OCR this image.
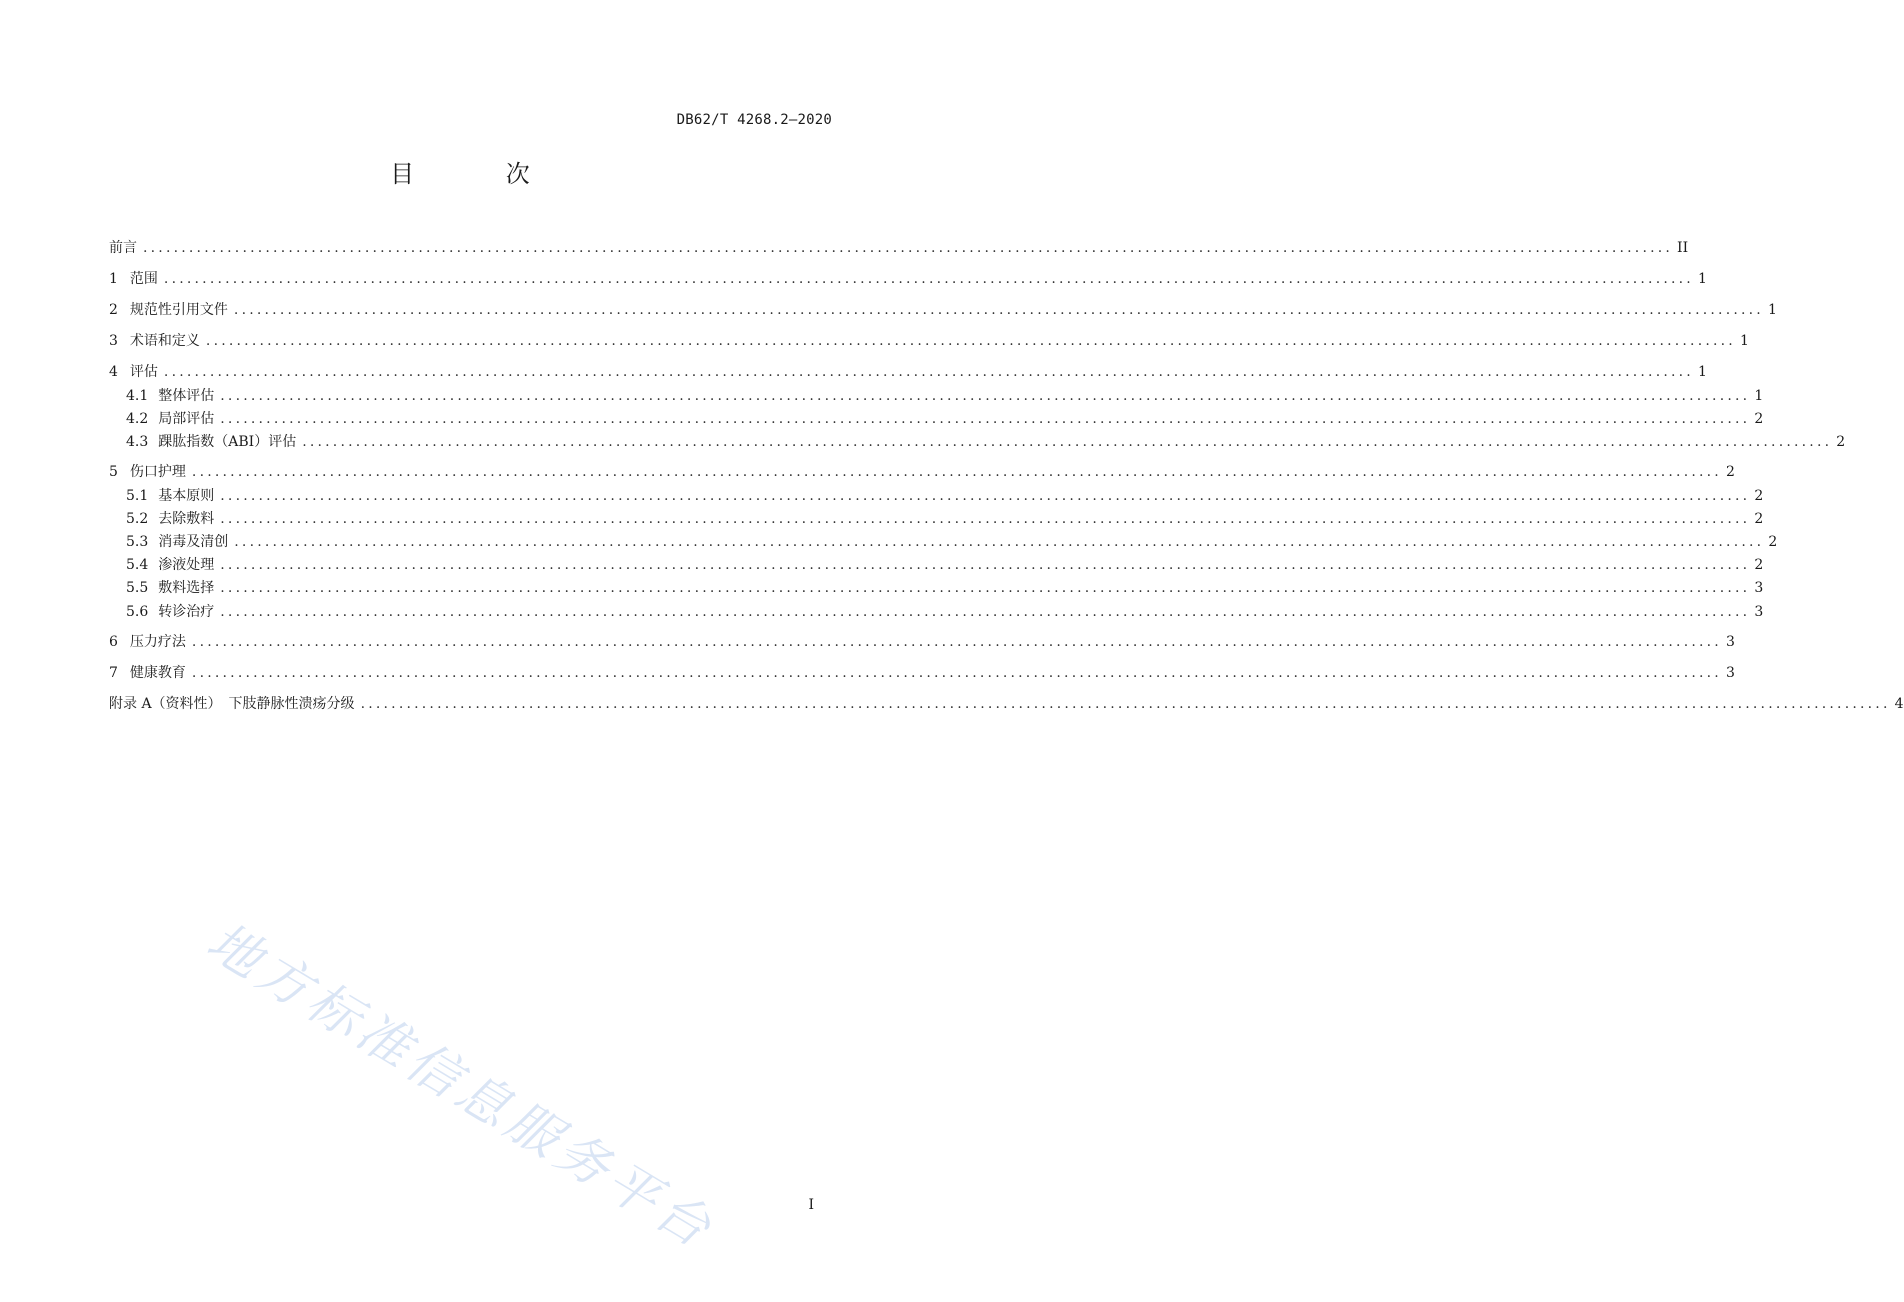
DB62/T 4268.2—2020
目 次
前言 ........................................................................................................................................................................................................ II
1 范围 ........................................................................................................................................................................................................ 1
2 规范性引用文件 ........................................................................................................................................................................................................ 1
3 术语和定义 ........................................................................................................................................................................................................ 1
4 评估 ........................................................................................................................................................................................................ 1
4.1 整体评估 ........................................................................................................................................................................................................ 1
4.2 局部评估 ........................................................................................................................................................................................................ 2
4.3 踝肱指数（ABI）评估 ........................................................................................................................................................................................................ 2
5 伤口护理 ........................................................................................................................................................................................................ 2
5.1 基本原则 ........................................................................................................................................................................................................ 2
5.2 去除敷料 ........................................................................................................................................................................................................ 2
5.3 消毒及清创 ........................................................................................................................................................................................................ 2
5.4 渗液处理 ........................................................................................................................................................................................................ 2
5.5 敷料选择 ........................................................................................................................................................................................................ 3
5.6 转诊治疗 ........................................................................................................................................................................................................ 3
6 压力疗法 ........................................................................................................................................................................................................ 3
7 健康教育 ........................................................................................................................................................................................................ 3
附录 A（资料性）　下肢静脉性溃疡分级 ........................................................................................................................................................................................................ 4
地方标准信息服务平台	I
